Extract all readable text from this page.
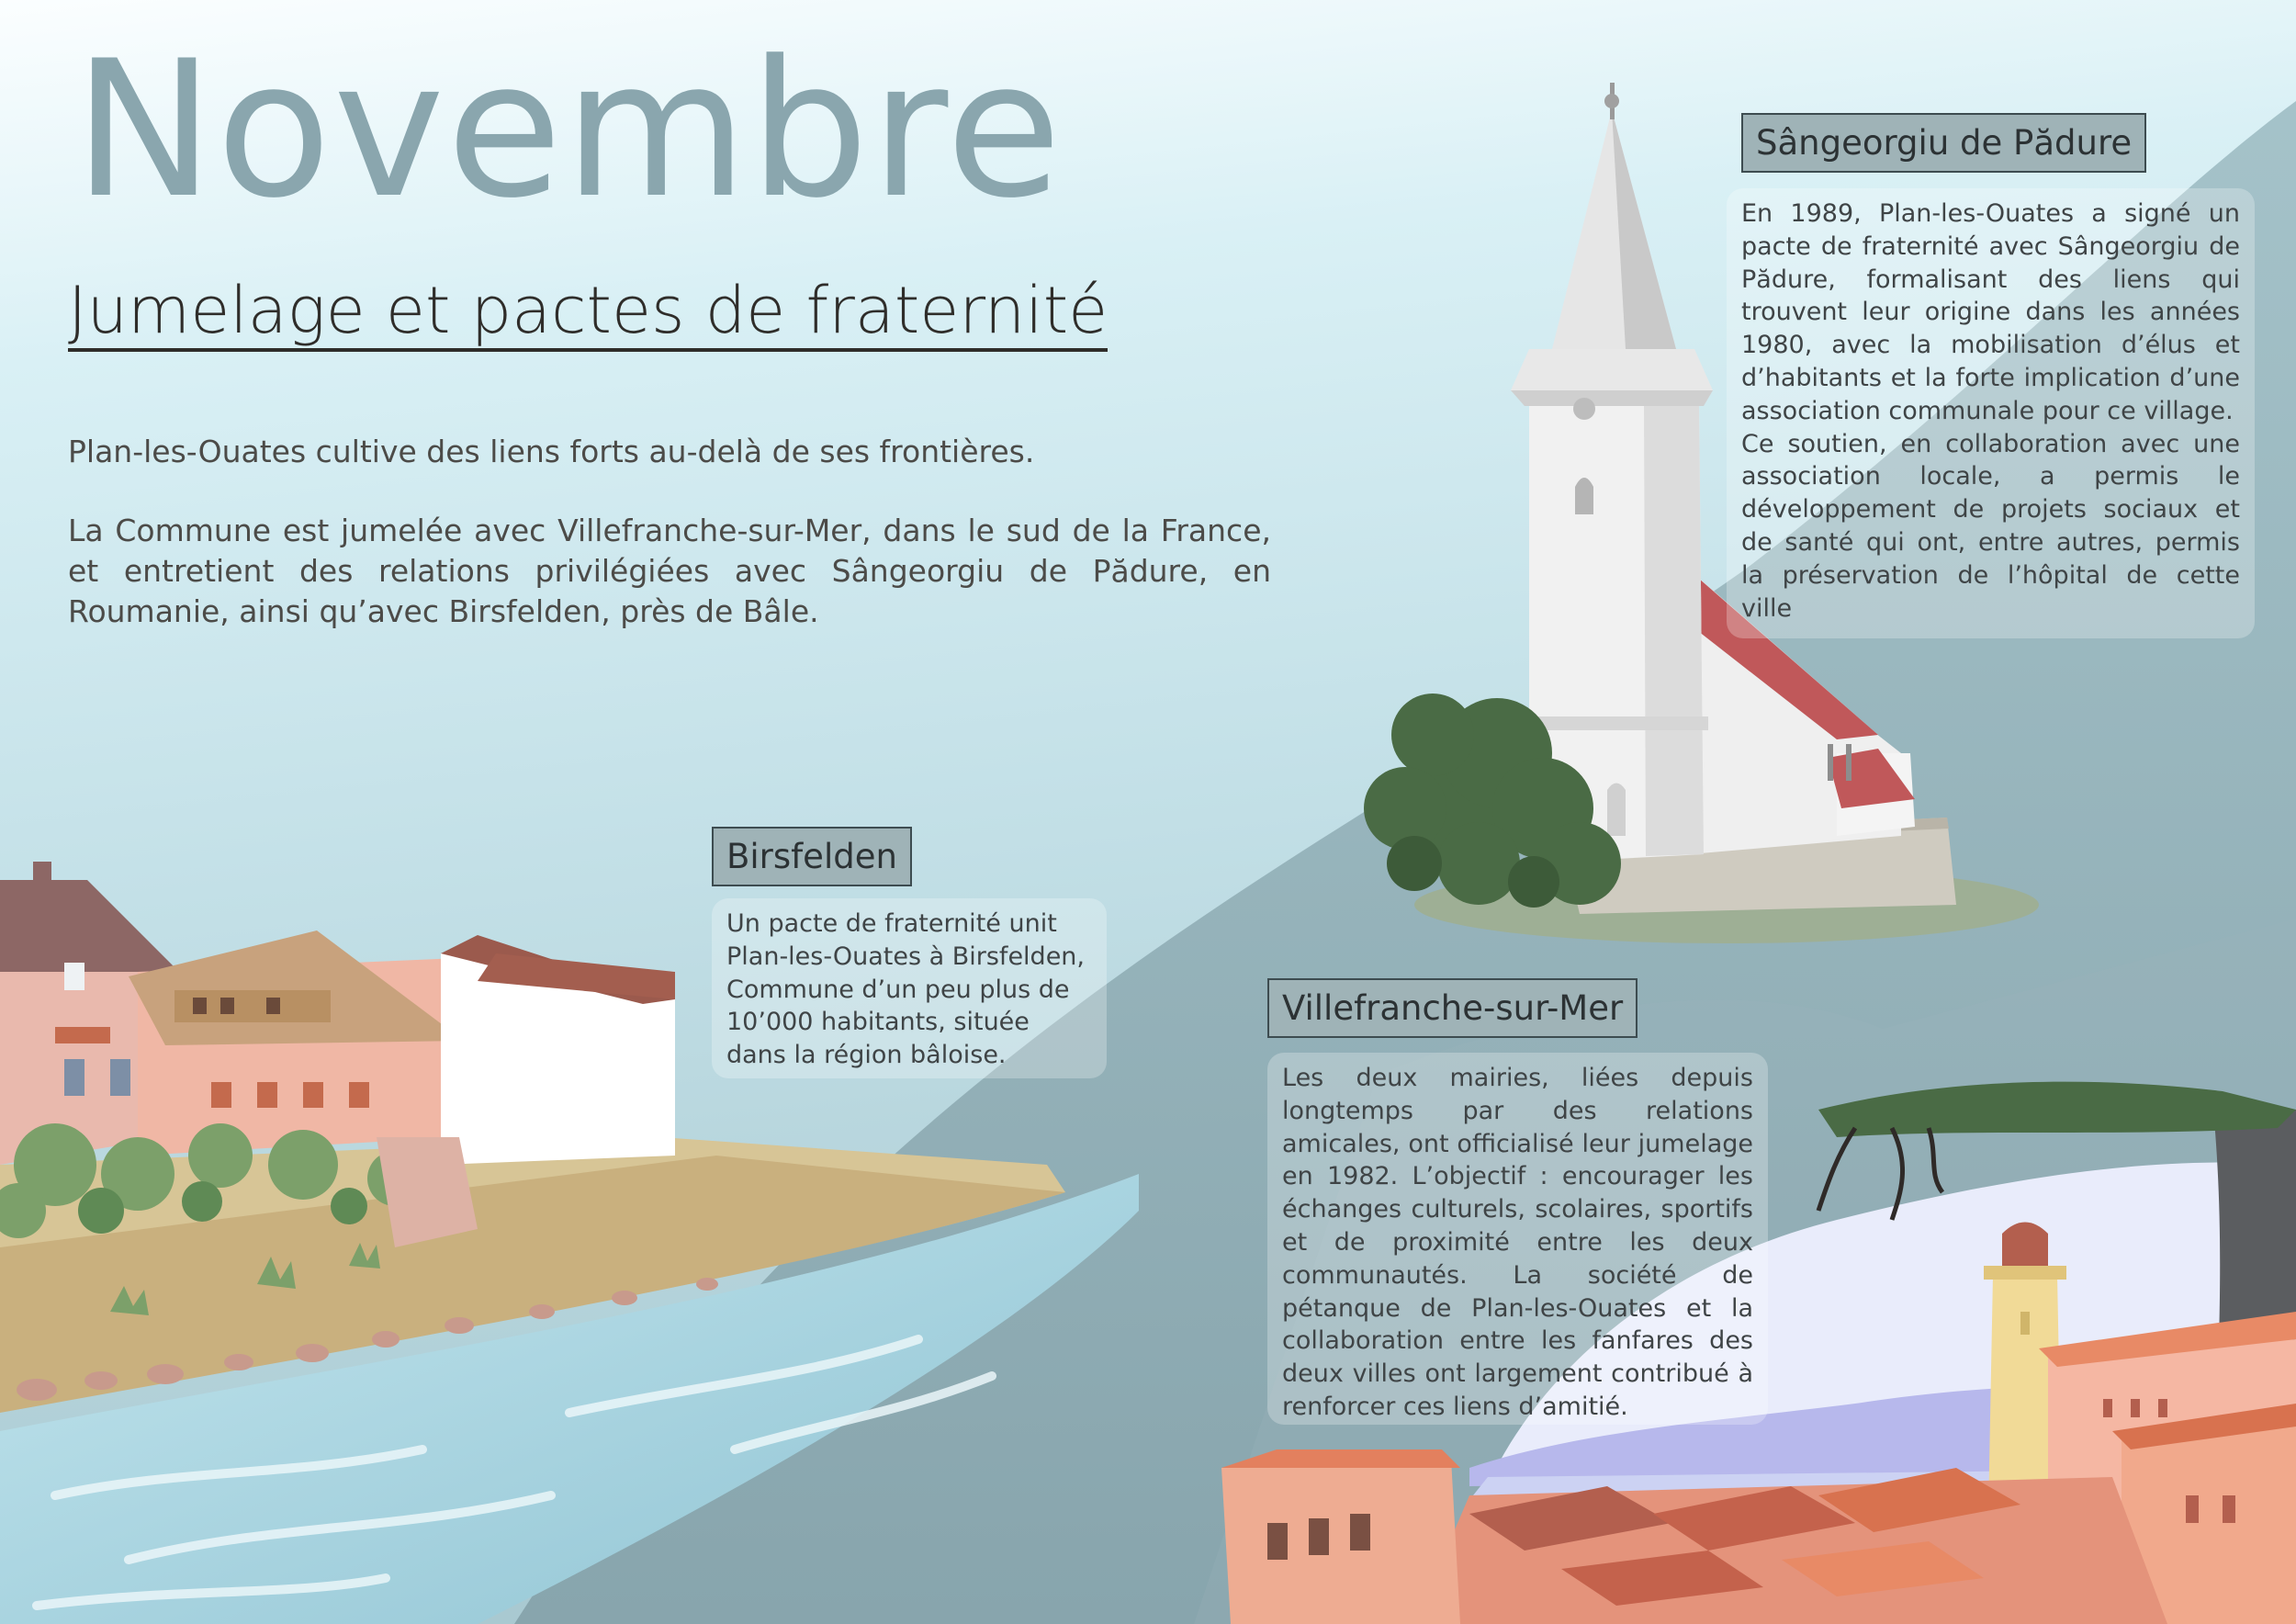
Novembre
Jumelage et pactes de fraternité

Plan-les-Ouates cultive des liens forts au-delà de ses frontières.

La Commune est jumelée avec Villefranche-sur-Mer, dans le sud de la France, et entretient des relations privilégiées avec Sângeorgiu de Pădure, en Roumanie, ainsi qu’avec Birsfelden, près de Bâle.

Sângeorgiu de Pădure

En 1989, Plan-les-Ouates a signé un pacte de fraternité avec Sângeorgiu de Pădure, formalisant des liens qui trouvent leur origine dans les années 1980, avec la mobilisation d’élus et d’habitants et la forte implication d’une association communale pour ce village.

Ce soutien, en collaboration avec une association locale, a permis le développement de projets sociaux et de santé qui ont, entre autres, permis la préservation de l’hôpital de cette ville

Birsfelden

Un pacte de fraternité unit Plan-les-Ouates à Birsfelden, Commune d’un peu plus de 10’000 habitants, située dans la région bâloise.

Villefranche-sur-Mer

Les deux mairies, liées depuis longtemps par des relations amicales, ont officialisé leur jumelage en 1982. L’objectif : encourager les échanges culturels, scolaires, sportifs et de proximité entre les deux communautés. La société de pétanque de Plan-les-Ouates et la collaboration entre les fanfares des deux villes ont largement contribué à renforcer ces liens d’amitié.
